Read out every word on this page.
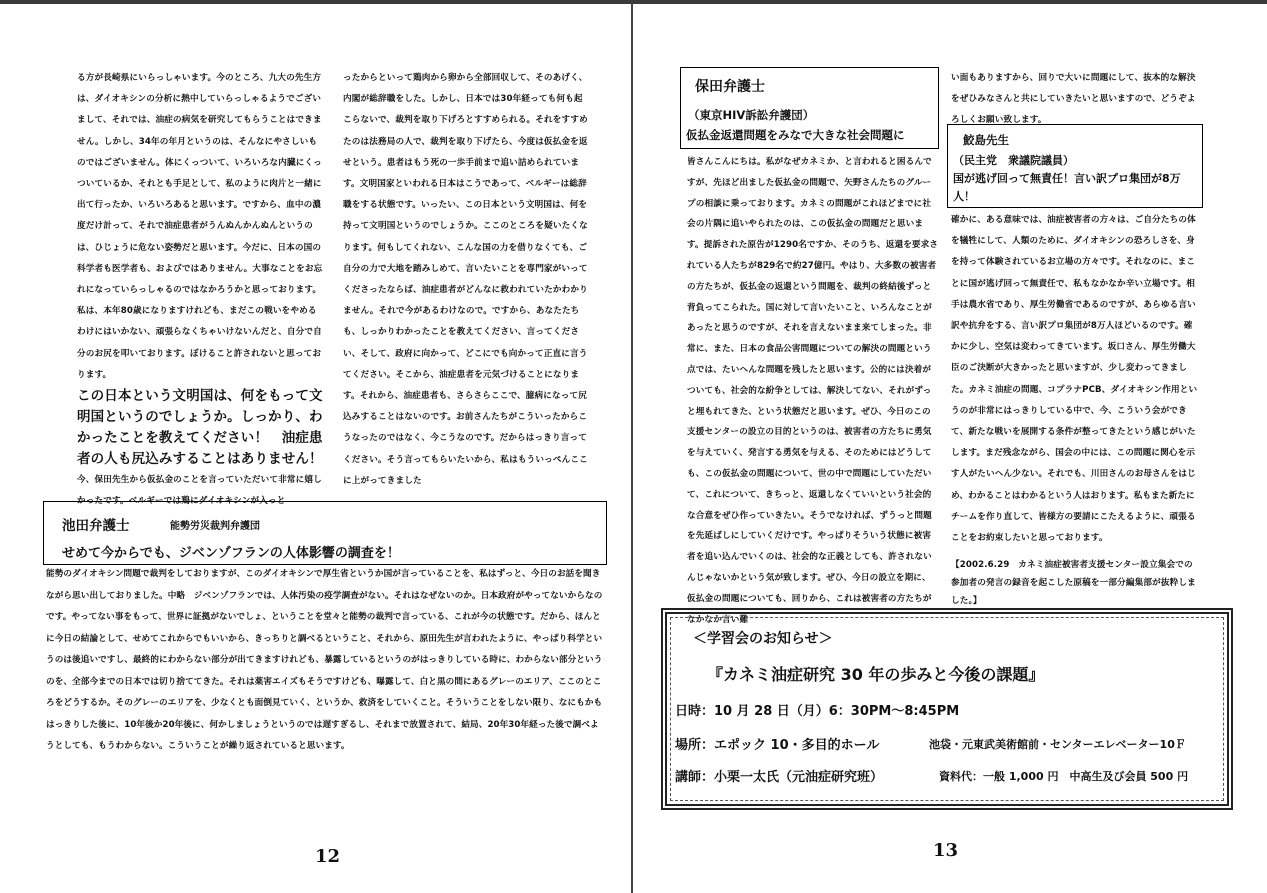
る方が長崎県にいらっしゃいます。今のところ、九大の先生方は、ダイオキシンの分析に熱中していらっしゃるようでございまして、それでは、油症の病気を研究してもらうことはできません。しかし、34年の年月というのは、そんなにやさしいものではございません。体にくっついて、いろいろな内臓にくっついているか、それとも手足として、私のように肉片と一緒に出て行ったか、いろいろあると思います。ですから、血中の濃度だけ計って、それで油症患者がうんぬんかんぬんというのは、ひじょうに危ない姿勢だと思います。今だに、日本の国の科学者も医学者も、およびではありません。大事なことをお忘れになっていらっしゃるのではなかろうかと思っております。私は、本年80歳になりますけれども、まだこの戦いをやめるわけにはいかない、頑張らなくちゃいけないんだと、自分で自分のお尻を叩いております。ぼけること許されないと思っております。

この日本という文明国は、何をもって文明国というのでしょうか。しっかり、わかったことを教えてください！　油症患者の人も尻込みすることはありません！

今、保田先生から仮払金のことを言っていただいて非常に嬉しかったです。ベルギーでは鶏にダイオキシンが入っと

ったからといって鶏肉から卵から全部回収して、そのあげく、内閣が総辞職をした。しかし、日本では30年経っても何も起こらないで、裁判を取り下げろとすすめられる。それをすすめたのは法務局の人で、裁判を取り下げたら、今度は仮払金を返せという。患者はもう死の一歩手前まで追い詰められています。文明国家といわれる日本はこうであって、ベルギーは総辞職をする状態です。いったい、この日本という文明国は、何を持って文明国というのでしょうか。ここのところを疑いたくなります。何もしてくれない、こんな国の力を借りなくても、ご自分の力で大地を踏みしめて、言いたいことを専門家がいってくださったならば、油症患者がどんなに救われていたかわかりません。それで今があるわけなので。ですから、あなたたちも、しっかりわかったことを教えてください、言ってください、そして、政府に向かって、どこにでも向かって正直に言うてください。そこから、油症患者を元気づけることになります。それから、油症患者も、さらさらここで、臆病になって尻込みすることはないのです。お前さんたちがこういったからこうなったのではなく、今こうなのです。だからはっきり言ってください。そう言ってもらいたいから、私はもういっぺんここに上がってきました

池田弁護士	能勢労災裁判弁護団
せめて今からでも、ジベンゾフランの人体影響の調査を！
能勢のダイオキシン問題で裁判をしておりますが、このダイオキシンで厚生省というか国が言っていることを、私はずっと、今日のお話を聞きながら思い出しておりました。中略　ジベンゾフランでは、人体汚染の疫学調査がない。それはなぜないのか。日本政府がやってないからなのです。やってない事をもって、世界に証拠がないでしょ、ということを堂々と能勢の裁判で言っている、これが今の状態です。だから、ほんとに今日の結論として、せめてこれからでもいいから、きっちりと調べるということ、それから、原田先生が言われたように、やっぱり科学というのは後追いですし、最終的にわからない部分が出てきますけれども、暴露しているというのがはっきりしている時に、わからない部分というのを、全部今までの日本では切り捨ててきた。それは薬害エイズもそうですけども、曝露して、白と黒の間にあるグレーのエリア、ここのところをどうするか。そのグレーのエリアを、少なくとも面倒見ていく、というか、救済をしていくこと。そういうことをしない限り、なにもかもはっきりした後に、10年後か20年後に、何かしましょうというのでは遅すぎるし、それまで放置されて、結局、20年30年経った後で調べようとしても、もうわからない。こういうことが繰り返されていると思います。
12
保田弁護士
（東京HIV訴訟弁護団）
仮払金返還問題をみなで大きな社会問題に
皆さんこんにちは。私がなぜカネミか、と言われると困るんですが、先ほど出ました仮払金の問題で、矢野さんたちのグループの相談に乗っております。カネミの問題がこれほどまでに社会の片隅に追いやられたのは、この仮払金の問題だと思います。提訴された原告が1290名ですか、そのうち、返還を要求されている人たちが829名で約27億円。やはり、大多数の被害者の方たちが、仮払金の返還という問題を、裁判の終結後ずっと背負ってこられた。国に対して言いたいこと、いろんなことがあったと思うのですが、それを言えないまま来てしまった。非常に、また、日本の食品公害問題についての解決の問題という点では、たいへんな問題を残したと思います。公的には決着がついても、社会的な紛争としては、解決してない、それがずっと埋もれてきた、という状態だと思います。ぜひ、今日のこの支援センターの設立の目的というのは、被害者の方たちに勇気を与えていく、発言する勇気を与える、そのためにはどうしても、この仮払金の問題について、世の中で問題にしていただいて、これについて、きちっと、返還しなくていいという社会的な合意をぜひ作っていきたい。そうでなければ、ずうっと問題を先延ばしにしていくだけです。やっぱりそういう状態に被害者を追い込んでいくのは、社会的な正義としても、許されないんじゃないかという気が致します。ぜひ、今日の設立を期に、仮払金の問題についても、回りから、これは被害者の方たちがなかなか言い難
い面もありますから、回りで大いに問題にして、抜本的な解決をぜひみなさんと共にしていきたいと思いますので、どうぞよろしくお願い致します。
鮫島先生
（民主党　衆議院議員）
国が逃げ回って無責任！言い訳プロ集団が8万人！
確かに、ある意味では、油症被害者の方々は、ご自分たちの体を犠牲にして、人類のために、ダイオキシンの恐ろしさを、身を持って体験されているお立場の方々です。それなのに、まことに国が逃げ回って無責任で、私もなかなか辛い立場です。相手は農水省であり、厚生労働省であるのですが、あらゆる言い訳や抗弁をする、言い訳プロ集団が8万人ほどいるのです。確かに少し、空気は変わってきています。坂口さん、厚生労働大臣のご決断が大きかったと思いますが、少し変わってきました。カネミ油症の問題、コプラナPCB、ダイオキシン作用というのが非常にはっきりしている中で、今、こういう会ができて、新たな戦いを展開する条件が整ってきたという感じがいたします。まだ残念ながら、国会の中には、この問題に関心を示す人がたいへん少ない。それでも、川田さんのお母さんをはじめ、わかることはわかるという人はおります。私もまた新たにチームを作り直して、皆様方の要請にこたえるように、頑張ることをお約束したいと思っております。
【2002.6.29　カネミ油症被害者支援センター設立集会での参加者の発言の録音を起こした原稿を一部分編集部が抜粋しました。】
＜学習会のお知らせ＞
『カネミ油症研究 30 年の歩みと今後の課題』
日時：10 月 28 日（月）6：30PM～8:45PM
場所：エポック 10・多目的ホール	池袋・元東武美術館前・センターエレベーター10Ｆ
講師：小栗一太氏（元油症研究班）	資料代：一般 1,000 円　中高生及び会員 500 円
13
